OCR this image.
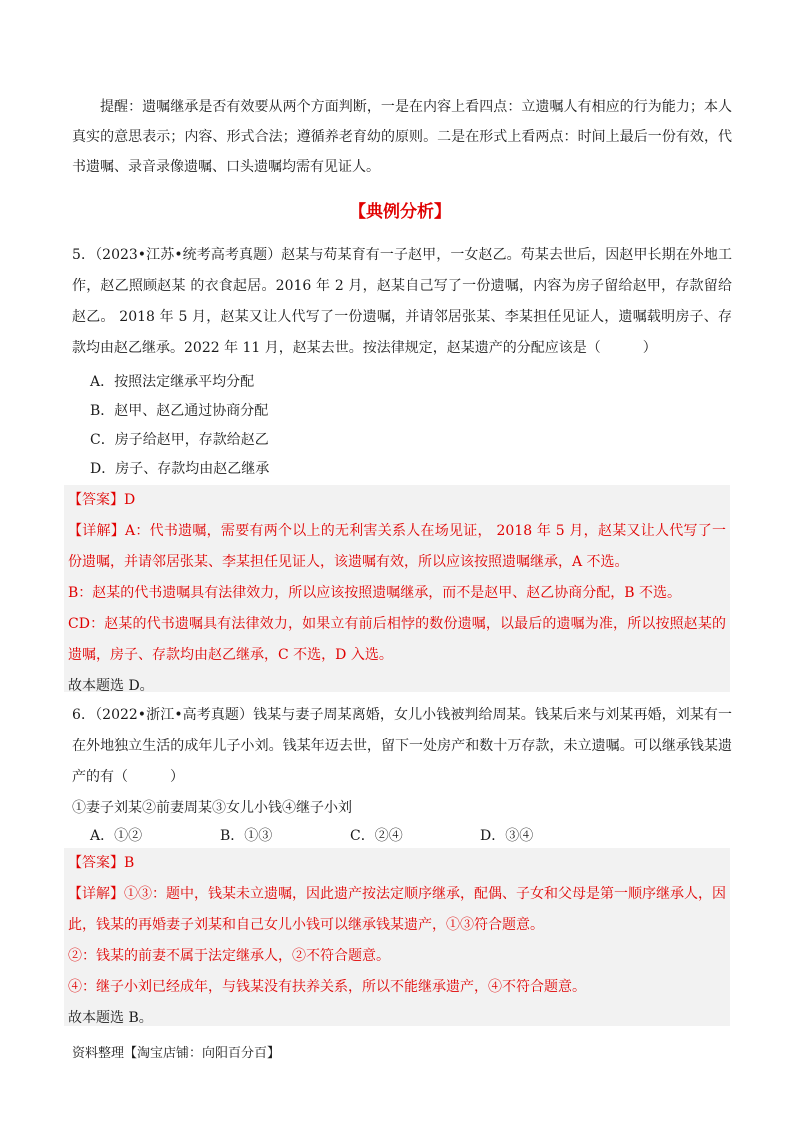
提醒：遗嘱继承是否有效要从两个方面判断，一是在内容上看四点：立遗嘱人有相应的行为能力；本人真实的意思表示；内容、形式合法；遵循养老育幼的原则。二是在形式上看两点：时间上最后一份有效，代书遗嘱、录音录像遗嘱、口头遗嘱均需有见证人。

【典例分析】

5．（2023•江苏•统考高考真题）赵某与苟某育有一子赵甲，一女赵乙。苟某去世后，因赵甲长期在外地工作，赵乙照顾赵某 的衣食起居。2016 年 2 月，赵某自己写了一份遗嘱，内容为房子留给赵甲，存款留给赵乙。 2018 年 5 月，赵某又让人代写了一份遗嘱，并请邻居张某、李某担任见证人，遗嘱载明房子、存款均由赵乙继承。2022 年 11 月，赵某去世。按法律规定，赵某遗产的分配应该是（　　　）

A．按照法定继承平均分配

B．赵甲、赵乙通过协商分配

C．房子给赵甲，存款给赵乙

D．房子、存款均由赵乙继承

【答案】D

【详解】A：代书遗嘱，需要有两个以上的无利害关系人在场见证， 2018 年 5 月，赵某又让人代写了一份遗嘱，并请邻居张某、李某担任见证人，该遗嘱有效，所以应该按照遗嘱继承，A 不选。

B：赵某的代书遗嘱具有法律效力，所以应该按照遗嘱继承，而不是赵甲、赵乙协商分配，B 不选。

CD：赵某的代书遗嘱具有法律效力，如果立有前后相悖的数份遗嘱，以最后的遗嘱为准，所以按照赵某的遗嘱，房子、存款均由赵乙继承，C 不选，D 入选。

故本题选 D。

6．（2022•浙江•高考真题）钱某与妻子周某离婚，女儿小钱被判给周某。钱某后来与刘某再婚，刘某有一在外地独立生活的成年儿子小刘。钱某年迈去世，留下一处房产和数十万存款，未立遗嘱。可以继承钱某遗产的有（　　　）

①妻子刘某②前妻周某③女儿小钱④继子小刘

A．①②	B．①③	C．②④	D．③④

【答案】B

【详解】①③：题中，钱某未立遗嘱，因此遗产按法定顺序继承，配偶、子女和父母是第一顺序继承人，因此，钱某的再婚妻子刘某和自己女儿小钱可以继承钱某遗产，①③符合题意。

②：钱某的前妻不属于法定继承人，②不符合题意。

④：继子小刘已经成年，与钱某没有扶养关系，所以不能继承遗产，④不符合题意。

故本题选 B。

资料整理【淘宝店铺：向阳百分百】
